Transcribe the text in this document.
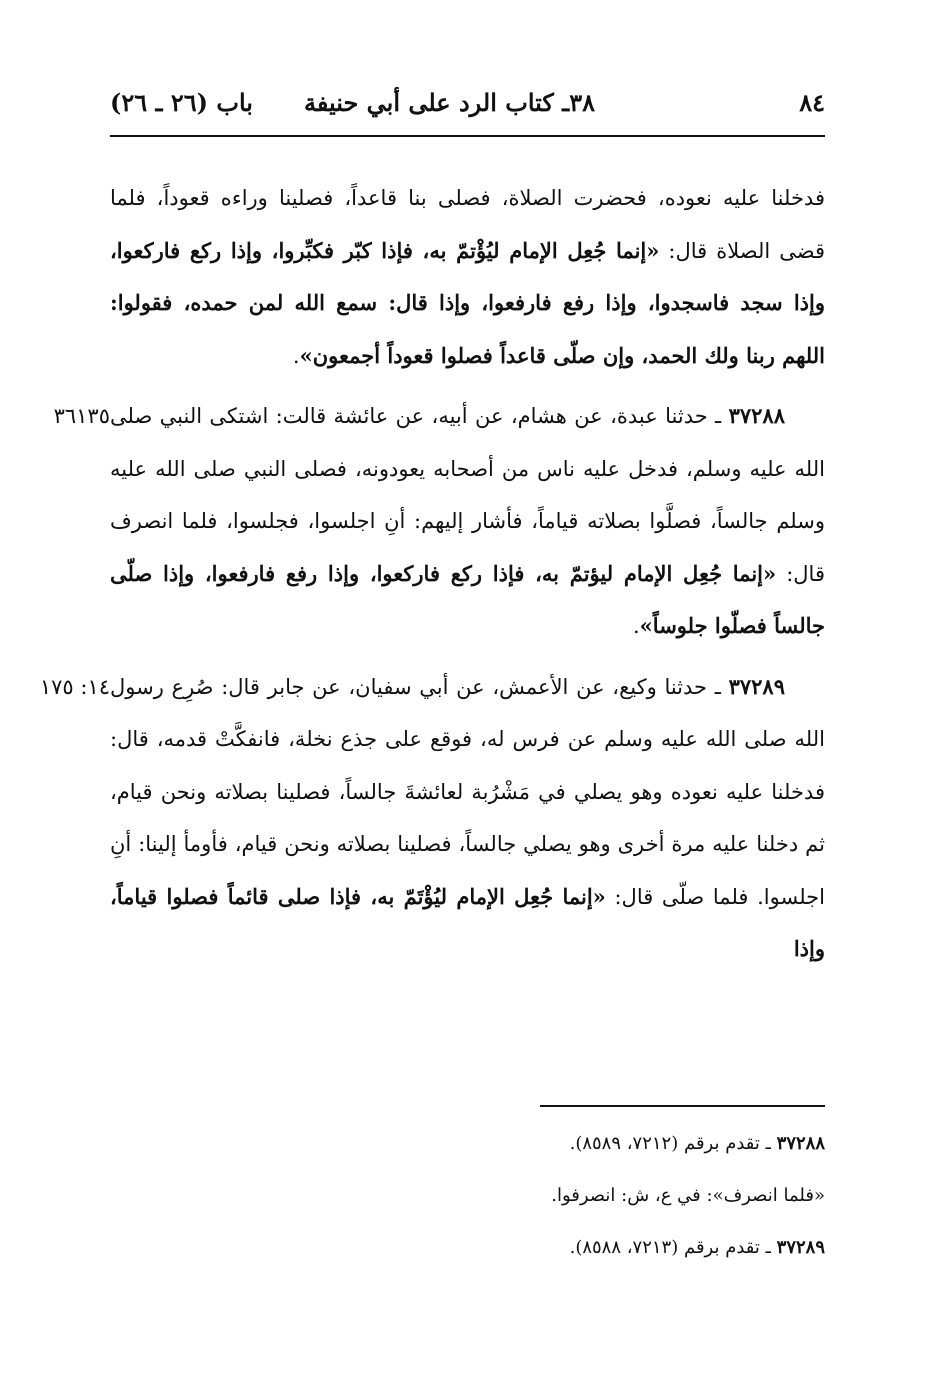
٨٤
٣٨ـ كتاب الرد على أبي حنيفة
باب (٢٦ ـ ٢٦)

فدخلنا عليه نعوده، فحضرت الصلاة، فصلى بنا قاعداً، فصلينا وراءه قعوداً، فلما قضى الصلاة قال: «إنما جُعِل الإمام ليُؤْتمّ به، فإذا كبّر فكبِّروا، وإذا ركع فاركعوا، وإذا سجد فاسجدوا، وإذا رفع فارفعوا، وإذا قال: سمع الله لمن حمده، فقولوا: اللهم ربنا ولك الحمد، وإن صلّى قاعداً فصلوا قعوداً أجمعون».

٣٦١٣٥	٣٧٢٨٨ ـ حدثنا عبدة، عن هشام، عن أبيه، عن عائشة قالت: اشتكى النبي صلى الله عليه وسلم، فدخل عليه ناس من أصحابه يعودونه، فصلى النبي صلى الله عليه وسلم جالساً، فصلَّوا بصلاته قياماً، فأشار إليهم: أنِ اجلسوا، فجلسوا، فلما انصرف قال: «إنما جُعِل الإمام ليؤتمّ به، فإذا ركع فاركعوا، وإذا رفع فارفعوا، وإذا صلّى جالساً فصلّوا جلوساً».

١٤: ١٧٥	٣٧٢٨٩ ـ حدثنا وكيع، عن الأعمش، عن أبي سفيان، عن جابر قال: صُرِع رسول الله صلى الله عليه وسلم عن فرس له، فوقع على جذع نخلة، فانفكَّتْ قدمه، قال: فدخلنا عليه نعوده وهو يصلي في مَشْرُبة لعائشةَ جالساً، فصلينا بصلاته ونحن قيام، ثم دخلنا عليه مرة أخرى وهو يصلي جالساً، فصلينا بصلاته ونحن قيام، فأومأ إلينا: أنِ اجلسوا. فلما صلّى قال: «إنما جُعِل الإمام ليُؤْتَمّ به، فإذا صلى قائماً فصلوا قياماً، وإذا

٣٧٢٨٨ ـ تقدم برقم (٧٢١٢، ٨٥٨٩).

«فلما انصرف»: في ع، ش: انصرفوا.

٣٧٢٨٩ ـ تقدم برقم (٧٢١٣، ٨٥٨٨).
